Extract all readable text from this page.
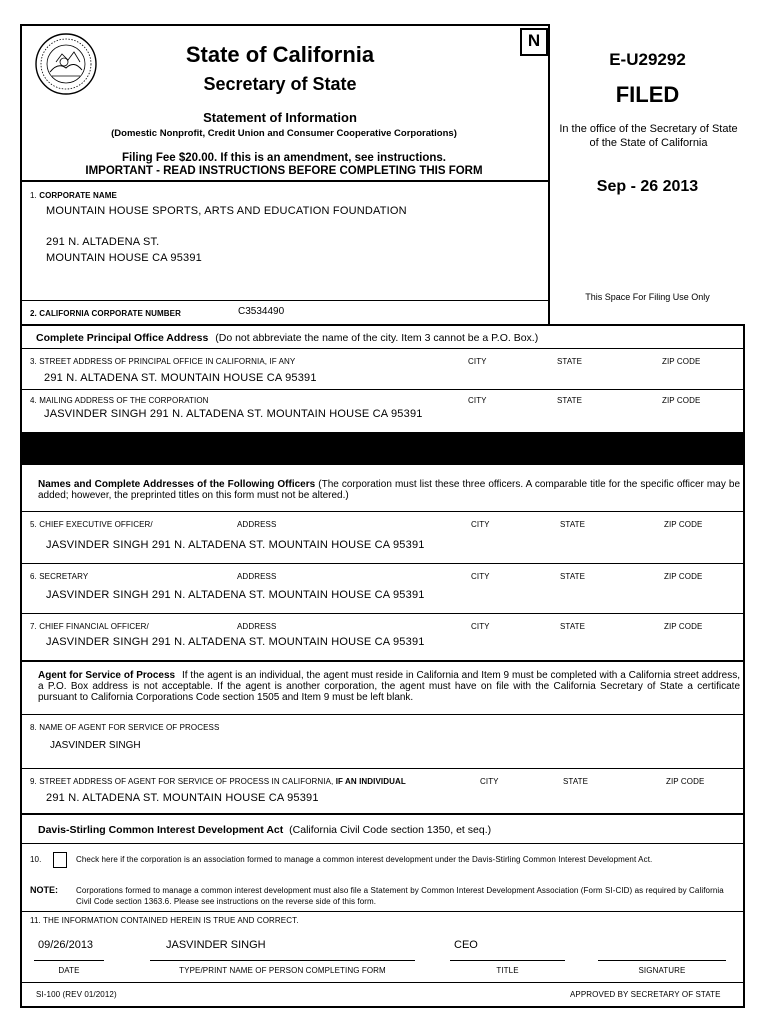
N
State of California
Secretary of State
Statement of Information
(Domestic Nonprofit, Credit Union and Consumer Cooperative Corporations)
Filing Fee $20.00. If this is an amendment, see instructions.
IMPORTANT - READ INSTRUCTIONS BEFORE COMPLETING THIS FORM
E-U29292
FILED
In the office of the Secretary of State of the State of California
Sep - 26 2013
This Space For Filing Use Only
1. CORPORATE NAME
MOUNTAIN HOUSE SPORTS, ARTS AND EDUCATION FOUNDATION
291 N. ALTADENA ST.
MOUNTAIN HOUSE CA 95391
2. CALIFORNIA CORPORATE NUMBER	C3534490
Complete Principal Office Address (Do not abbreviate the name of the city. Item 3 cannot be a P.O. Box.)
3. STREET ADDRESS OF PRINCIPAL OFFICE IN CALIFORNIA, IF ANY	CITY	STATE	ZIP CODE
291 N. ALTADENA ST. MOUNTAIN HOUSE CA 95391
4. MAILING ADDRESS OF THE CORPORATION	CITY	STATE	ZIP CODE
JASVINDER SINGH 291 N. ALTADENA ST. MOUNTAIN HOUSE CA 95391
Names and Complete Addresses of the Following Officers (The corporation must list these three officers. A comparable title for the specific officer may be added; however, the preprinted titles on this form must not be altered.)
5. CHIEF EXECUTIVE OFFICER/	ADDRESS	CITY	STATE	ZIP CODE
JASVINDER SINGH 291 N. ALTADENA ST. MOUNTAIN HOUSE CA 95391
6. SECRETARY	ADDRESS	CITY	STATE	ZIP CODE
JASVINDER SINGH 291 N. ALTADENA ST. MOUNTAIN HOUSE CA 95391
7. CHIEF FINANCIAL OFFICER/	ADDRESS	CITY	STATE	ZIP CODE
JASVINDER SINGH 291 N. ALTADENA ST. MOUNTAIN HOUSE CA 95391
Agent for Service of Process If the agent is an individual, the agent must reside in California and Item 9 must be completed with a California street address, a P.O. Box address is not acceptable. If the agent is another corporation, the agent must have on file with the California Secretary of State a certificate pursuant to California Corporations Code section 1505 and Item 9 must be left blank.
8. NAME OF AGENT FOR SERVICE OF PROCESS
JASVINDER SINGH
9. STREET ADDRESS OF AGENT FOR SERVICE OF PROCESS IN CALIFORNIA, IF AN INDIVIDUAL	CITY	STATE	ZIP CODE
291 N. ALTADENA ST. MOUNTAIN HOUSE CA 95391
Davis-Stirling Common Interest Development Act (California Civil Code section 1350, et seq.)
10.	Check here if the corporation is an association formed to manage a common interest development under the Davis-Stirling Common Interest Development Act.
NOTE: Corporations formed to manage a common interest development must also file a Statement by Common Interest Development Association (Form SI-CID) as required by California Civil Code section 1363.6. Please see instructions on the reverse side of this form.
11. THE INFORMATION CONTAINED HEREIN IS TRUE AND CORRECT.
09/26/2013	JASVINDER SINGH	CEO
DATE	TYPE/PRINT NAME OF PERSON COMPLETING FORM	TITLE	SIGNATURE
SI-100 (REV 01/2012)	APPROVED BY SECRETARY OF STATE
